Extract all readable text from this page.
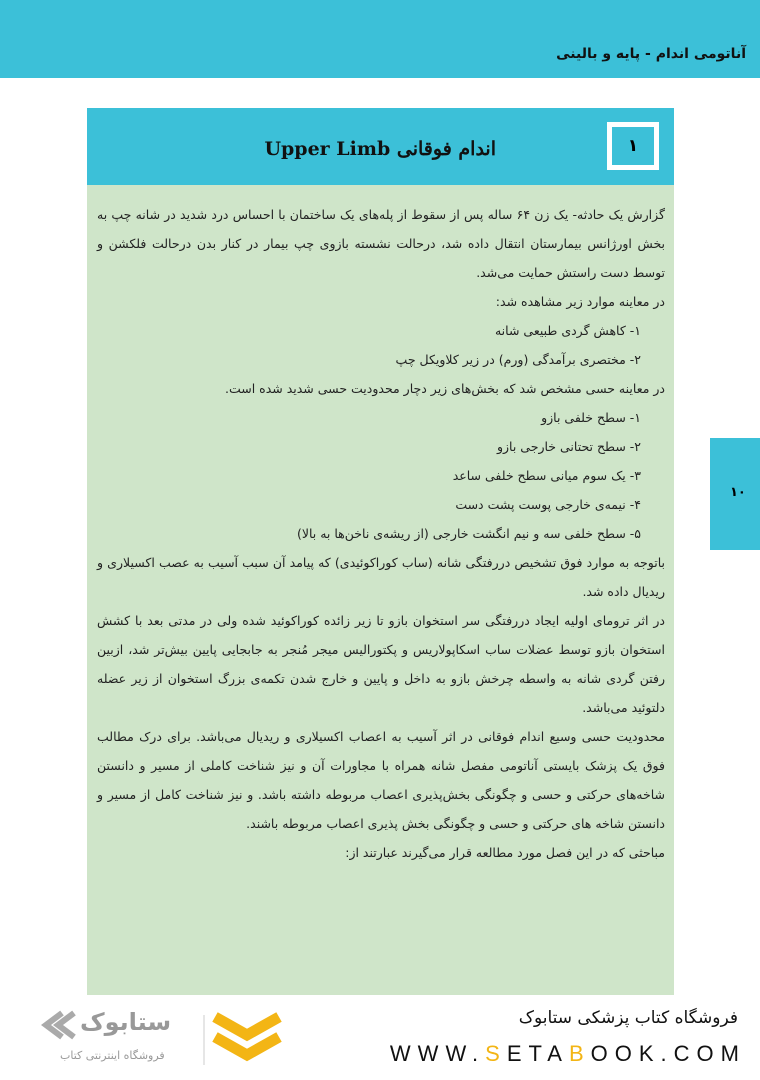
آناتومی اندام - پایه و بالینی
۱
اندام فوقانی Upper Limb

گزارش یک حادثه- یک زن ۶۴ ساله پس از سقوط از پله‌های یک ساختمان با احساس درد شدید در شانه چپ به بخش اورژانس بیمارستان انتقال داده شد، درحالت نشسته بازوی چپ بیمار در کنار بدن درحالت فلکشن و توسط دست راستش حمایت می‌شد.

در معاینه موارد زیر مشاهده شد:

۱- کاهش گردی طبیعی شانه

۲- مختصری برآمدگی (ورم) در زیر کلاویکل چپ

در معاینه حسی مشخص شد که بخش‌های زیر دچار محدودیت حسی شدید شده است.

۱- سطح خلفی بازو

۲- سطح تحتانی خارجی بازو

۳- یک سوم میانی سطح خلفی ساعد

۴- نیمه‌ی خارجی پوست پشت دست

۵- سطح خلفی سه و نیم انگشت خارجی (از ریشه‌ی ناخن‌ها به بالا)

باتوجه به موارد فوق تشخیص دررفتگی شانه (ساب کوراکوئیدی) که پیامد آن سبب آسیب به عصب اکسیلاری و ریدیال داده شد.

در اثر ترومای اولیه ایجاد دررفتگی سر استخوان بازو تا زیر زائده کوراکوئید شده ولی در مدتی بعد با کشش استخوان بازو توسط عضلات ساب اسکاپولاریس و پکتورالیس میجر مُنجر به جابجایی پایین بیش‌تر شد، ازبین رفتن گردی شانه به واسطه چرخش بازو به داخل و پایین و خارج شدن تکمه‌ی بزرگ استخوان از زیر عضله دلتوئید می‌باشد.

محدودیت حسی وسیع اندام فوقانی در اثر آسیب به اعصاب اکسیلاری و ریدیال می‌باشد. برای درک مطالب فوق یک پزشک بایستی آناتومی مفصل شانه همراه با مجاورات آن و نیز شناخت کاملی از مسیر و دانستن شاخه‌های حرکتی و حسی و چگونگی بخش‌پذیری اعصاب مربوطه داشته باشد. و نیز شناخت کامل از مسیر و دانستن شاخه های حرکتی و حسی و چگونگی بخش پذیری اعصاب مربوطه باشند.

مباحثی که در این فصل مورد مطالعه قرار می‌گیرند عبارتند از:

۱۰
فروشگاه کتاب پزشکی ستابوک
WWW.SETABOOK.COM
ستابوک
فروشگاه اینترنتی کتاب
